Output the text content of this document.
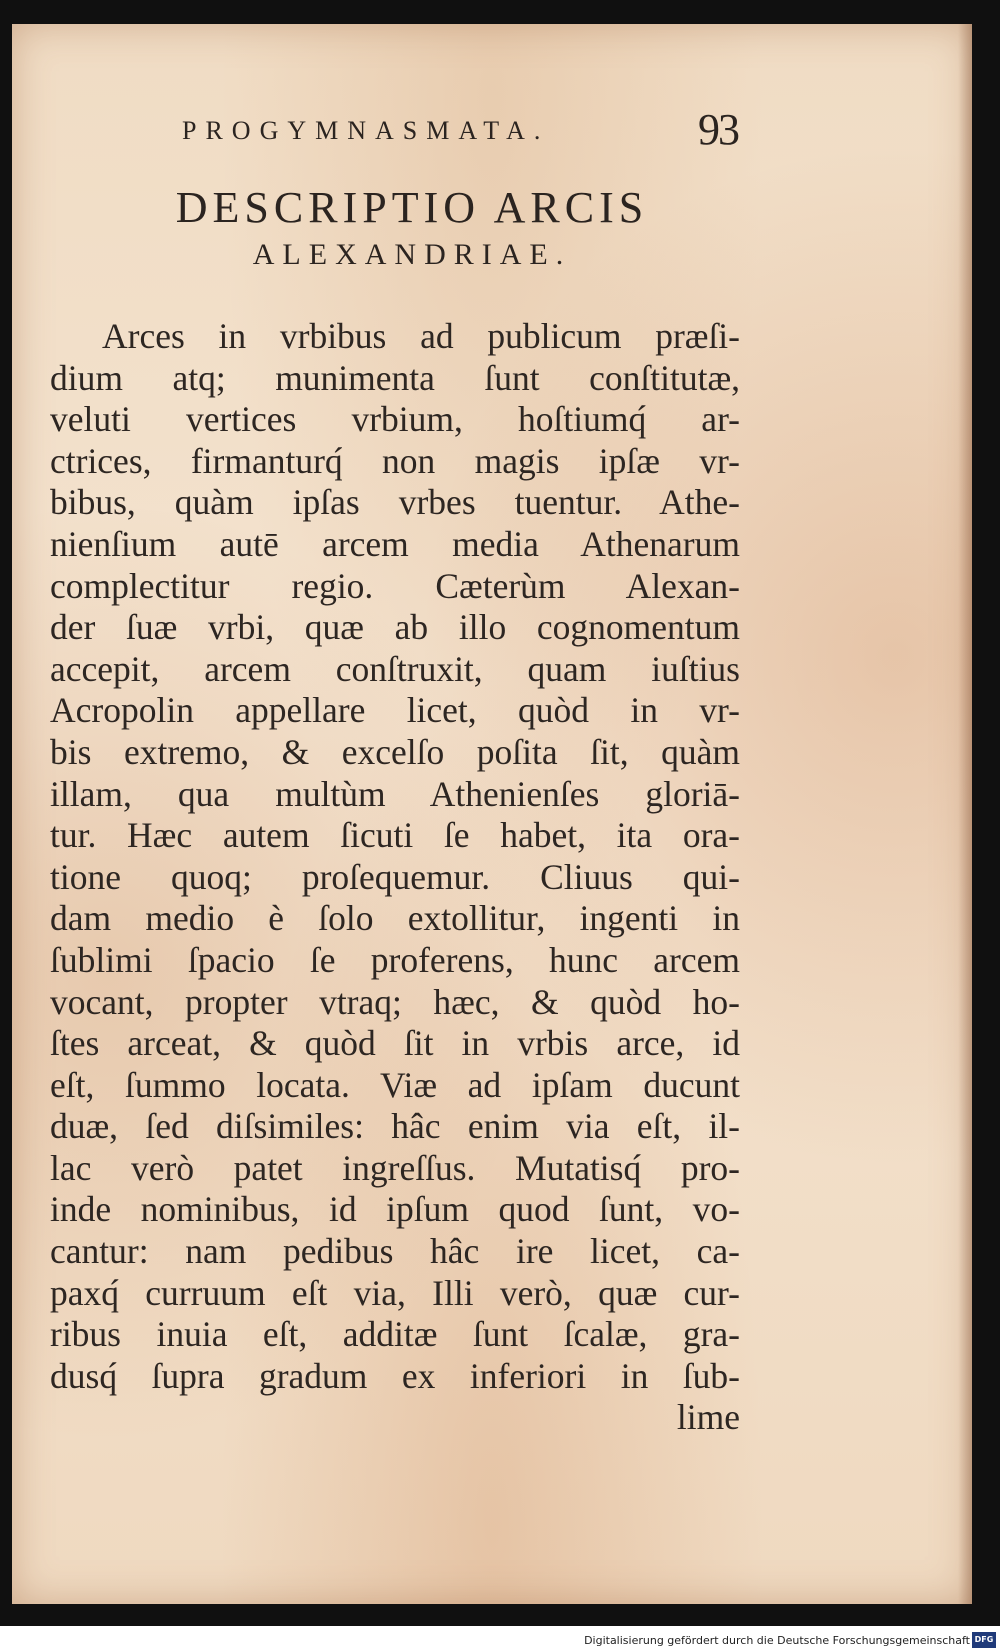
PROGYMNASMATA.	93
DESCRIPTIO ARCIS
ALEXANDRIAE.
Arces in vrbibus ad publicum præſi-
dium atq; munimenta ſunt conſtitutæ,
veluti vertices vrbium, hoſtiumq́ ar-
ctrices, firmanturq́ non magis ipſæ vr-
bibus, quàm ipſas vrbes tuentur. Athe-
nienſium autē arcem media Athenarum
complectitur regio. Cæterùm Alexan-
der ſuæ vrbi, quæ ab illo cognomentum
accepit, arcem conſtruxit, quam iuſtius
Acropolin appellare licet, quòd in vr-
bis extremo, & excelſo poſita ſit, quàm
illam, qua multùm Athenienſes gloriā-
tur. Hæc autem ſicuti ſe habet, ita ora-
tione quoq; proſequemur. Cliuus qui-
dam medio è ſolo extollitur, ingenti in
ſublimi ſpacio ſe proferens, hunc arcem
vocant, propter vtraq; hæc, & quòd ho-
ſtes arceat, & quòd ſit in vrbis arce, id
eſt, ſummo locata. Viæ ad ipſam ducunt
duæ, ſed diſsimiles: hâc enim via eſt, il-
lac verò patet ingreſſus. Mutatisq́ pro-
inde nominibus, id ipſum quod ſunt, vo-
cantur: nam pedibus hâc ire licet, ca-
paxq́ curruum eſt via, Illi verò, quæ cur-
ribus inuia eſt, additæ ſunt ſcalæ, gra-
dusq́ ſupra gradum ex inferiori in ſub-
lime
Digitalisierung gefördert durch die Deutsche Forschungsgemeinschaft DFG
